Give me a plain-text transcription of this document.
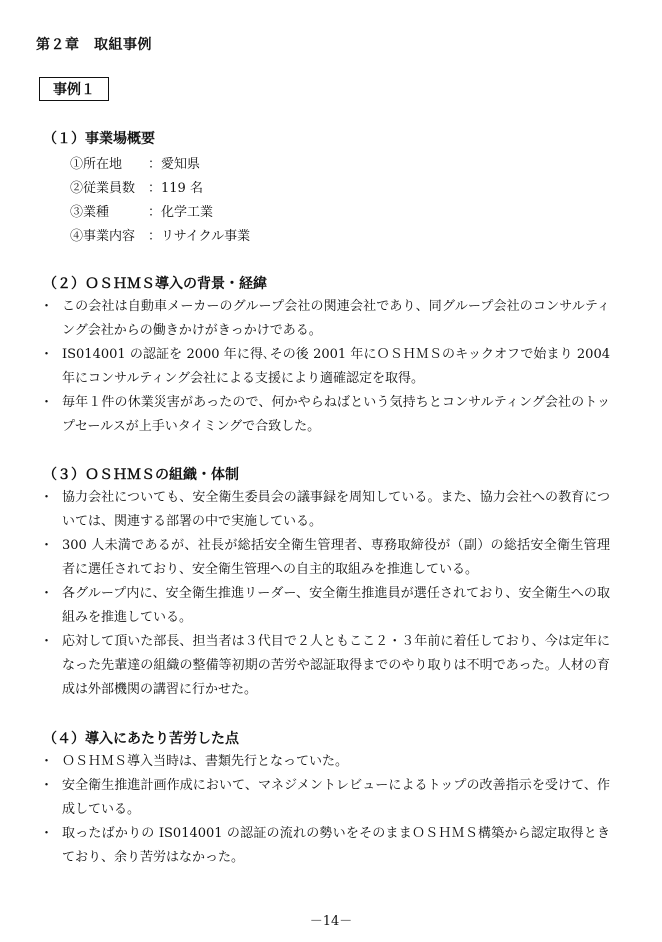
第２章　取組事例
事例１
（１）事業場概要
①所在地 ：愛知県
②従業員数 ：119 名
③業種	：化学工業
④事業内容 ：リサイクル事業
（２）ＯＳＨＭＳ導入の背景・経緯
・ この会社は自動車メーカーのグループ会社の関連会社であり、同グループ会社のコンサルティング会社からの働きかけがきっかけである。
・ IS014001 の認証を 2000 年に得､その後 2001 年にＯＳＨＭＳのキックオフで始まり 2004 年にコンサルティング会社による支援により適確認定を取得。
・ 毎年１件の休業災害があったので、何かやらねばという気持ちとコンサルティング会社のトップセールスが上手いタイミングで合致した。
（３）ＯＳＨＭＳの組織・体制
・ 協力会社についても、安全衛生委員会の議事録を周知している。また、協力会社への教育については、関連する部署の中で実施している。
・ 300 人未満であるが、社長が総括安全衛生管理者、専務取締役が（副）の総括安全衛生管理者に選任されており、安全衛生管理への自主的取組みを推進している。
・ 各グループ内に、安全衛生推進リーダー、安全衛生推進員が選任されており、安全衛生への取組みを推進している。
・ 応対して頂いた部長、担当者は３代目で２人ともここ２・３年前に着任しており、今は定年になった先輩達の組織の整備等初期の苦労や認証取得までのやり取りは不明であった。人材の育成は外部機関の講習に行かせた。
（４）導入にあたり苦労した点
・ ＯＳＨＭＳ導入当時は、書類先行となっていた。
・ 安全衛生推進計画作成において、マネジメントレビューによるトップの改善指示を受けて、作成している。
・ 取ったばかりの IS014001 の認証の流れの勢いをそのままＯＳＨＭＳ構築から認定取得ときており、余り苦労はなかった。
－14－
